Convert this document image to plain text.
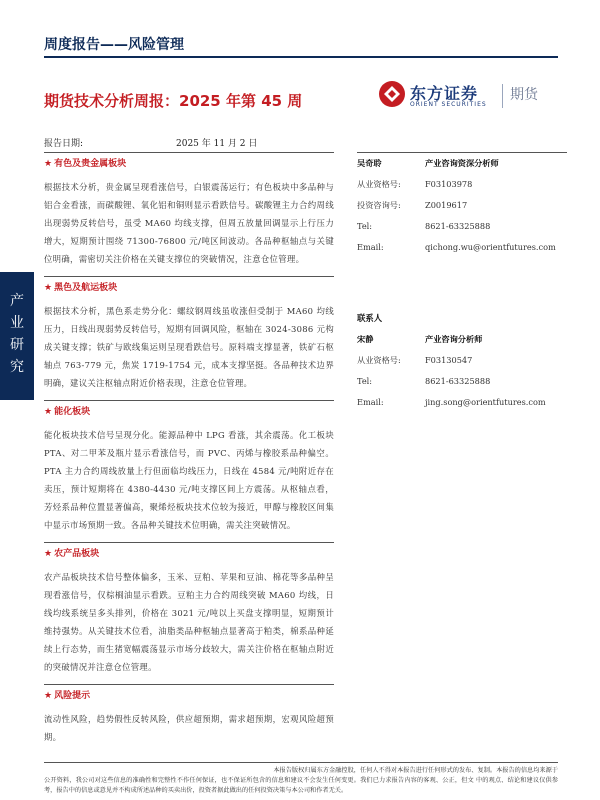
周度报告——风险管理
期货技术分析周报：2025 年第 45 周	东方证券
ORIENT SECURITIES
期货
产
业
研
究
报告日期:	2025 年 11 月 2 日
★ 有色及贵金属板块
根据技术分析，贵金属呈现看涨信号，白银震荡运行；有色板块中多品种与铝合金看涨，而碳酸锂、氧化铝和铜则显示看跌信号。碳酸锂主力合约周线出现弱势反转信号，虽受 MA60 均线支撑，但周五放量回调显示上行压力增大，短期预计围绕 71300-76800 元/吨区间波动。各品种枢轴点与关键位明确，需密切关注价格在关键支撑位的突破情况，注意仓位管理。
★ 黑色及航运板块
根据技术分析，黑色系走势分化：螺纹钢周线虽收涨但受制于 MA60 均线压力，日线出现弱势反转信号，短期有回调风险，枢轴在 3024-3086 元构成关键支撑；铁矿与欧线集运则呈现看跌信号。原料端支撑显著，铁矿石枢轴点 763-779 元，焦炭 1719-1754 元，成本支撑坚挺。各品种技术边界明确，建议关注枢轴点附近价格表现，注意仓位管理。
★ 能化板块
能化板块技术信号呈现分化。能源品种中 LPG 看涨，其余震荡。化工板块 PTA、对二甲苯及瓶片显示看涨信号，而 PVC、丙烯与橡胶系品种偏空。PTA 主力合约周线放量上行但面临均线压力，日线在 4584 元/吨附近存在卖压，预计短期将在 4380-4430 元/吨支撑区间上方震荡。从枢轴点看，芳烃系品种位置显著偏高，聚烯烃板块技术位较为接近，甲醇与橡胶区间集中显示市场预期一致。各品种关键技术位明确，需关注突破情况。
★ 农产品板块
农产品板块技术信号整体偏多，玉米、豆粕、苹果和豆油、棉花等多品种呈现看涨信号，仅棕榈油显示看跌。豆粕主力合约周线突破 MA60 均线，日线均线系统呈多头排列，价格在 3021 元/吨以上买盘支撑明显，短期预计维持强势。从关键技术位看，油脂类品种枢轴点显著高于粕类，棉系品种延续上行态势，而生猪宽幅震荡显示市场分歧较大，需关注价格在枢轴点附近的突破情况并注意仓位管理。
★ 风险提示
流动性风险，趋势假性反转风险，供应超预期，需求超预期，宏观风险超预期。
吴奇聆	产业咨询资深分析师
从业资格号:	F03103978
投资咨询号:	Z0019617
Tel:	8621-63325888
Email:	qichong.wu@orientfutures.com
联系人
宋静	产业咨询分析师
从业资格号:	F03130547
Tel:	8621-63325888
Email:	jing.song@orientfutures.com
本报告版权归属东方金融控股，任何人不得对本报告进行任何形式的发布、复制。本报告的信息均来源于
公开资料，我公司对这些信息的准确性和完整性不作任何保证，也不保证所包含的信息和建议不会发生任何变更。我们已力求报告内容的客观、公正，但文 中的观点、结论和建议仅供参考，报告中的信息或意见并不构成所述品种的买卖出价，投资者据此做出的任何投资决策与本公司和作者无关。
